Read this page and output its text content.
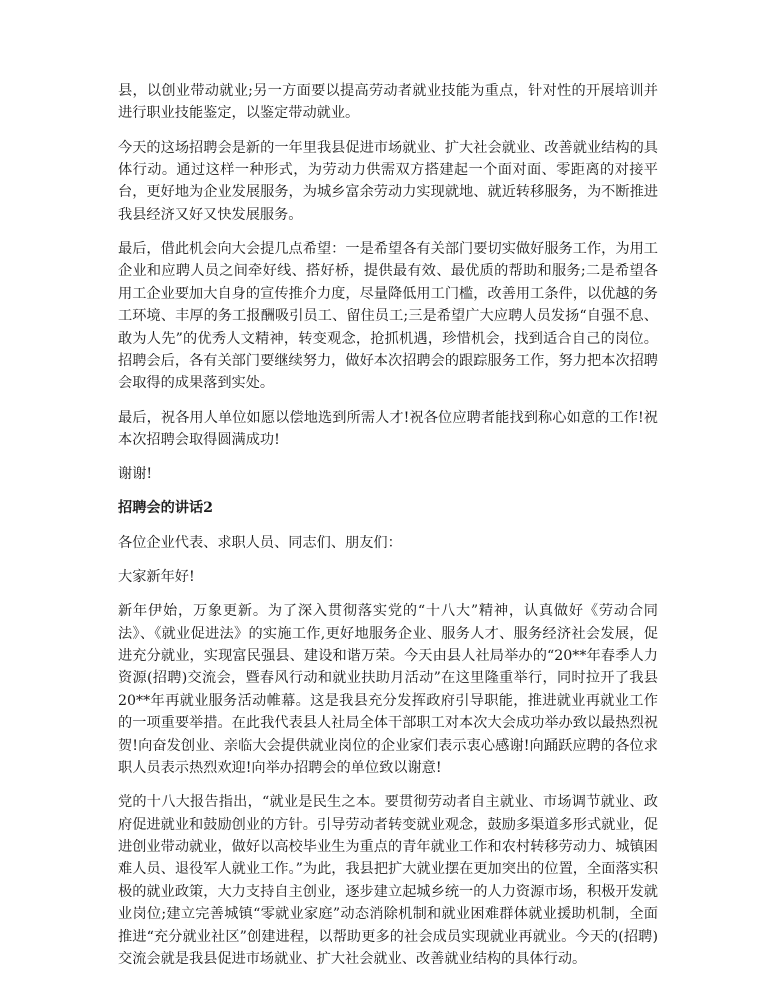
县，以创业带动就业;另一方面要以提高劳动者就业技能为重点，针对性的开展培训并进行职业技能鉴定，以鉴定带动就业。

今天的这场招聘会是新的一年里我县促进市场就业、扩大社会就业、改善就业结构的具体行动。通过这样一种形式，为劳动力供需双方搭建起一个面对面、零距离的对接平台，更好地为企业发展服务，为城乡富余劳动力实现就地、就近转移服务，为不断推进我县经济又好又快发展服务。

最后，借此机会向大会提几点希望：一是希望各有关部门要切实做好服务工作，为用工企业和应聘人员之间牵好线、搭好桥，提供最有效、最优质的帮助和服务;二是希望各用工企业要加大自身的宣传推介力度，尽量降低用工门槛，改善用工条件，以优越的务工环境、丰厚的务工报酬吸引员工、留住员工;三是希望广大应聘人员发扬“自强不息、敢为人先”的优秀人文精神，转变观念，抢抓机遇，珍惜机会，找到适合自己的岗位。招聘会后，各有关部门要继续努力，做好本次招聘会的跟踪服务工作，努力把本次招聘会取得的成果落到实处。

最后，祝各用人单位如愿以偿地选到所需人才!祝各位应聘者能找到称心如意的工作!祝本次招聘会取得圆满成功!

谢谢!

招聘会的讲话2

各位企业代表、求职人员、同志们、朋友们：

大家新年好!

新年伊始，万象更新。为了深入贯彻落实党的“十八大”精神，认真做好《劳动合同法》、《就业促进法》的实施工作,更好地服务企业、服务人才、服务经济社会发展，促进充分就业，实现富民强县、建设和谐万荣。今天由县人社局举办的“20**年春季人力资源(招聘)交流会，暨春风行动和就业扶助月活动”在这里隆重举行，同时拉开了我县20**年再就业服务活动帷幕。这是我县充分发挥政府引导职能，推进就业再就业工作的一项重要举措。在此我代表县人社局全体干部职工对本次大会成功举办致以最热烈祝贺!向奋发创业、亲临大会提供就业岗位的企业家们表示衷心感谢!向踊跃应聘的各位求职人员表示热烈欢迎!向举办招聘会的单位致以谢意!

党的十八大报告指出，“就业是民生之本。要贯彻劳动者自主就业、市场调节就业、政府促进就业和鼓励创业的方针。引导劳动者转变就业观念，鼓励多渠道多形式就业，促进创业带动就业，做好以高校毕业生为重点的青年就业工作和农村转移劳动力、城镇困难人员、退役军人就业工作。”为此，我县把扩大就业摆在更加突出的位置，全面落实积极的就业政策，大力支持自主创业，逐步建立起城乡统一的人力资源市场，积极开发就业岗位;建立完善城镇“零就业家庭”动态消除机制和就业困难群体就业援助机制，全面推进“充分就业社区”创建进程，以帮助更多的社会成员实现就业再就业。今天的(招聘)交流会就是我县促进市场就业、扩大社会就业、改善就业结构的具体行动。
